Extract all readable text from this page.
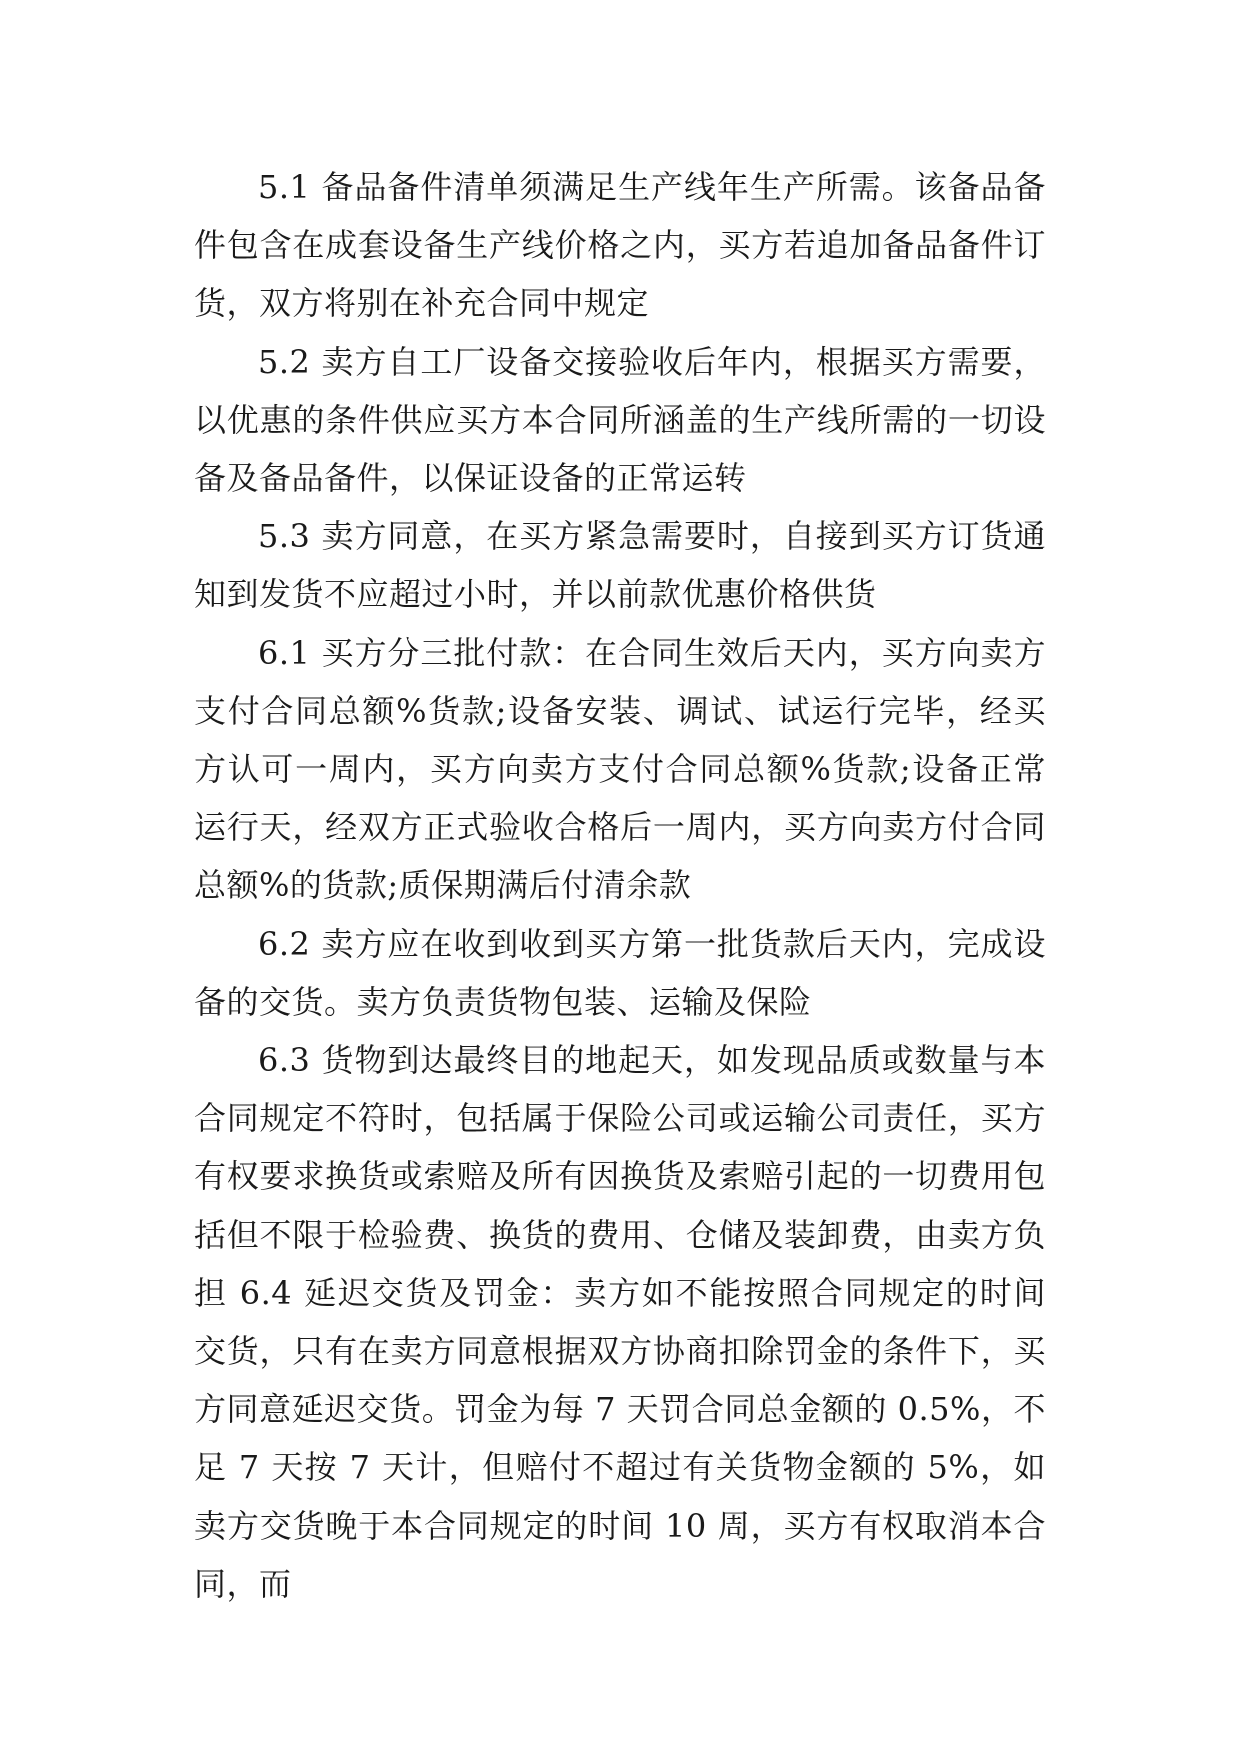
5.1 备品备件清单须满足生产线年生产所需。该备品备件包含在成套设备生产线价格之内，买方若追加备品备件订货，双方将别在补充合同中规定

5.2 卖方自工厂设备交接验收后年内，根据买方需要，以优惠的条件供应买方本合同所涵盖的生产线所需的一切设备及备品备件，以保证设备的正常运转

5.3 卖方同意，在买方紧急需要时，自接到买方订货通知到发货不应超过小时，并以前款优惠价格供货

6.1 买方分三批付款：在合同生效后天内，买方向卖方支付合同总额%货款;设备安装、调试、试运行完毕，经买方认可一周内，买方向卖方支付合同总额%货款;设备正常运行天，经双方正式验收合格后一周内，买方向卖方付合同总额%的货款;质保期满后付清余款

6.2 卖方应在收到收到买方第一批货款后天内，完成设备的交货。卖方负责货物包装、运输及保险

6.3 货物到达最终目的地起天，如发现品质或数量与本合同规定不符时，包括属于保险公司或运输公司责任，买方有权要求换货或索赔及所有因换货及索赔引起的一切费用包括但不限于检验费、换货的费用、仓储及装卸费，由卖方负担 6.4 延迟交货及罚金：卖方如不能按照合同规定的时间交货，只有在卖方同意根据双方协商扣除罚金的条件下，买方同意延迟交货。罚金为每 7 天罚合同总金额的 0.5%，不足 7 天按 7 天计，但赔付不超过有关货物金额的 5%，如卖方交货晚于本合同规定的时间 10 周，买方有权取消本合同，而
